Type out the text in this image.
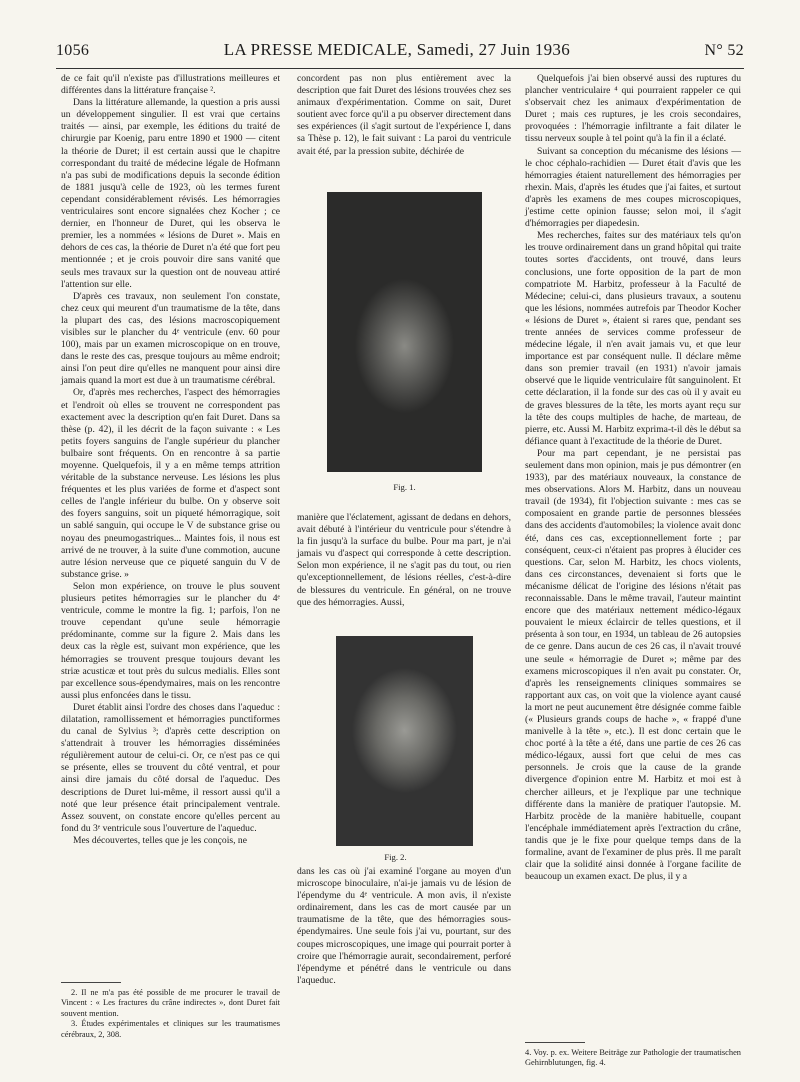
1056	LA PRESSE MEDICALE, Samedi, 27 Juin 1936	N° 52

de ce fait qu'il n'existe pas d'illustrations meilleures et différentes dans la littérature française ².

Dans la littérature allemande, la question a pris aussi un développement singulier. Il est vrai que certains traités — ainsi, par exemple, les éditions du traité de chirurgie par Koenig, paru entre 1890 et 1900 — citent la théorie de Duret; il est certain aussi que le chapitre correspondant du traité de médecine légale de Hofmann n'a pas subi de modifications depuis la seconde édition de 1881 jusqu'à celle de 1923, où les termes furent cependant considérablement révisés. Les hémorragies ventriculaires sont encore signalées chez Kocher ; ce dernier, en l'honneur de Duret, qui les observa le premier, les a nommées « lésions de Duret ». Mais en dehors de ces cas, la théorie de Duret n'a été que fort peu mentionnée ; et je crois pouvoir dire sans vanité que seuls mes travaux sur la question ont de nouveau attiré l'attention sur elle.

D'après ces travaux, non seulement l'on constate, chez ceux qui meurent d'un traumatisme de la tête, dans la plupart des cas, des lésions macroscopiquement visibles sur le plancher du 4ᵉ ventricule (env. 60 pour 100), mais par un examen microscopique on en trouve, dans le reste des cas, presque toujours au même endroit; ainsi l'on peut dire qu'elles ne manquent pour ainsi dire jamais quand la mort est due à un traumatisme cérébral.

Or, d'après mes recherches, l'aspect des hémorragies et l'endroit où elles se trouvent ne correspondent pas exactement avec la description qu'en fait Duret. Dans sa thèse (p. 42), il les décrit de la façon suivante : « Les petits foyers sanguins de l'angle supérieur du plancher bulbaire sont fréquents. On en rencontre à sa partie moyenne. Quelquefois, il y a en même temps attrition véritable de la substance nerveuse. Les lésions les plus fréquentes et les plus variées de forme et d'aspect sont celles de l'angle inférieur du bulbe. On y observe soit des foyers sanguins, soit un piqueté hémorragique, soit un sablé sanguin, qui occupe le V de substance grise ou noyau des pneumogastriques... Maintes fois, il nous est arrivé de ne trouver, à la suite d'une commotion, aucune autre lésion nerveuse que ce piqueté sanguin du V de substance grise. »

Selon mon expérience, on trouve le plus souvent plusieurs petites hémorragies sur le plancher du 4ᵉ ventricule, comme le montre la fig. 1; parfois, l'on ne trouve cependant qu'une seule hémorragie prédominante, comme sur la figure 2. Mais dans les deux cas la règle est, suivant mon expérience, que les hémorragies se trouvent presque toujours devant les striæ acusticæ et tout près du sulcus medialis. Elles sont par excellence sous-épendymaires, mais on les rencontre aussi plus enfoncées dans le tissu.

Duret établit ainsi l'ordre des choses dans l'aqueduc : dilatation, ramollissement et hémorragies punctiformes du canal de Sylvius ³; d'après cette description on s'attendrait à trouver les hémorragies disséminées régulièrement autour de celui-ci. Or, ce n'est pas ce qui se présente, elles se trouvent du côté ventral, et pour ainsi dire jamais du côté dorsal de l'aqueduc. Des descriptions de Duret lui-même, il ressort aussi qu'il a noté que leur présence était principalement ventrale. Assez souvent, on constate encore qu'elles percent au fond du 3ᵉ ventricule sous l'ouverture de l'aqueduc.

Mes découvertes, telles que je les conçois, ne

2. Il ne m'a pas été possible de me procurer le travail de Vincent : « Les fractures du crâne indirectes », dont Duret fait souvent mention.

3. Études expérimentales et cliniques sur les traumatismes cérébraux, 2, 308.

concordent pas non plus entièrement avec la description que fait Duret des lésions trouvées chez ses animaux d'expérimentation. Comme on sait, Duret soutient avec force qu'il a pu observer directement dans ses expériences (il s'agit surtout de l'expérience I, dans sa Thèse p. 12), le fait suivant : La paroi du ventricule avait été, par la pression subite, déchirée de

Fig. 1.

manière que l'éclatement, agissant de dedans en dehors, avait débuté à l'intérieur du ventricule pour s'étendre à la fin jusqu'à la surface du bulbe. Pour ma part, je n'ai jamais vu d'aspect qui corresponde à cette description. Selon mon expérience, il ne s'agit pas du tout, ou rien qu'exceptionnellement, de lésions réelles, c'est-à-dire de blessures du ventricule. En général, on ne trouve que des hémorragies. Aussi,

Fig. 2.

dans les cas où j'ai examiné l'organe au moyen d'un microscope binoculaire, n'ai-je jamais vu de lésion de l'épendyme du 4ᵉ ventricule. A mon avis, il n'existe ordinairement, dans les cas de mort causée par un traumatisme de la tête, que des hémorragies sous-épendymaires. Une seule fois j'ai vu, pourtant, sur des coupes microscopiques, une image qui pourrait porter à croire que l'hémorragie aurait, secondairement, perforé l'épendyme et pénétré dans le ventricule ou dans l'aqueduc.

Quelquefois j'ai bien observé aussi des ruptures du plancher ventriculaire ⁴ qui pourraient rappeler ce qui s'observait chez les animaux d'expérimentation de Duret ; mais ces ruptures, je les crois secondaires, provoquées : l'hémorragie infiltrante a fait dilater le tissu nerveux souple à tel point qu'à la fin il a éclaté.

Suivant sa conception du mécanisme des lésions — le choc céphalo-rachidien — Duret était d'avis que les hémorragies étaient naturellement des hémorragies per rhexin. Mais, d'après les études que j'ai faites, et surtout d'après les examens de mes coupes microscopiques, j'estime cette opinion fausse; selon moi, il s'agit d'hémorragies per diapedesin.

Mes recherches, faites sur des matériaux tels qu'on les trouve ordinairement dans un grand hôpital qui traite toutes sortes d'accidents, ont trouvé, dans leurs conclusions, une forte opposition de la part de mon compatriote M. Harbitz, professeur à la Faculté de Médecine; celui-ci, dans plusieurs travaux, a soutenu que les lésions, nommées autrefois par Theodor Kocher « lésions de Duret », étaient si rares que, pendant ses trente années de services comme professeur de médecine légale, il n'en avait jamais vu, et que leur importance est par conséquent nulle. Il déclare même dans son premier travail (en 1931) n'avoir jamais observé que le liquide ventriculaire fût sanguinolent. Et cette déclaration, il la fonde sur des cas où il y avait eu de graves blessures de la tête, les morts ayant reçu sur la tête des coups multiples de hache, de marteau, de pierre, etc. Aussi M. Harbitz exprima-t-il dès le début sa défiance quant à l'exactitude de la théorie de Duret.

Pour ma part cependant, je ne persistai pas seulement dans mon opinion, mais je pus démontrer (en 1933), par des matériaux nouveaux, la constance de mes observations. Alors M. Harbitz, dans un nouveau travail (de 1934), fit l'objection suivante : mes cas se composaient en grande partie de personnes blessées dans des accidents d'automobiles; la violence avait donc été, dans ces cas, exceptionnellement forte ; par conséquent, ceux-ci n'étaient pas propres à élucider ces questions. Car, selon M. Harbitz, les chocs violents, dans ces circonstances, devenaient si forts que le mécanisme délicat de l'origine des lésions n'était pas reconnaissable. Dans le même travail, l'auteur maintint encore que des matériaux nettement médico-légaux pouvaient le mieux éclaircir de telles questions, et il présenta à son tour, en 1934, un tableau de 26 autopsies de ce genre. Dans aucun de ces 26 cas, il n'avait trouvé une seule « hémorragie de Duret »; même par des examens microscopiques il n'en avait pu constater. Or, d'après les renseignements cliniques sommaires se rapportant aux cas, on voit que la violence ayant causé la mort ne peut aucunement être désignée comme faible (« Plusieurs grands coups de hache », « frappé d'une manivelle à la tête », etc.). Il est donc certain que le choc porté à la tête a été, dans une partie de ces 26 cas médico-légaux, aussi fort que celui de mes cas personnels. Je crois que la cause de la grande divergence d'opinion entre M. Harbitz et moi est à chercher ailleurs, et je l'explique par une technique différente dans la manière de pratiquer l'autopsie. M. Harbitz procède de la manière habituelle, coupant l'encéphale immédiatement après l'extraction du crâne, tandis que je le fixe pour quelque temps dans de la formaline, avant de l'examiner de plus près. Il me paraît clair que la solidité ainsi donnée à l'organe facilite de beaucoup un examen exact. De plus, il y a

4. Voy. p. ex. Weitere Beiträge zur Pathologie der traumatischen Gehirnblutungen, fig. 4.
